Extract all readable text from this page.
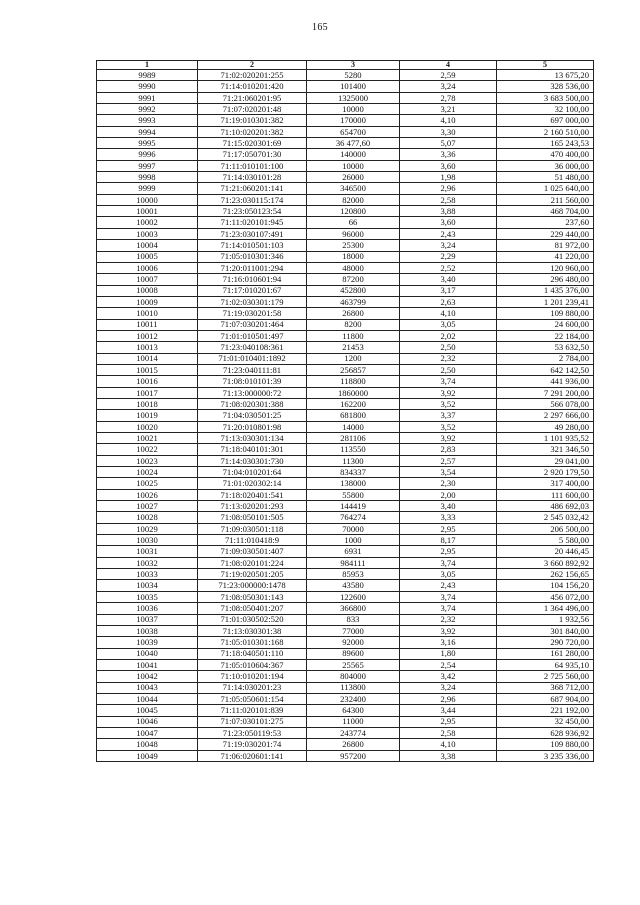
165
1	2	3	4	5
9989	71:02:020201:255	5280	2,59	13 675,20
9990	71:14:010201:420	101400	3,24	328 536,00
9991	71:21:060201:95	1325000	2,78	3 683 500,00
9992	71:07:020201:48	10000	3,21	32 100,00
9993	71:19:010301:382	170000	4,10	697 000,00
9994	71:10:020201:382	654700	3,30	2 160 510,00
9995	71:15:020301:69	36 477,60	5,07	165 243,53
9996	71:17:050701:30	140000	3,36	470 400,00
9997	71:11:010101:100	10000	3,60	36 000,00
9998	71:14:030101:28	26000	1,98	51 480,00
9999	71:21:060201:141	346500	2,96	1 025 640,00
10000	71:23:030115:174	82000	2,58	211 560,00
10001	71:23:050123:54	120800	3,88	468 704,00
10002	71:11:020101:945	66	3,60	237,60
10003	71:23:030107:491	96000	2,43	229 440,00
10004	71:14:010501:103	25300	3,24	81 972,00
10005	71:05:010301:346	18000	2,29	41 220,00
10006	71:20:011001:294	48000	2,52	120 960,00
10007	71:16:010601:94	87200	3,40	296 480,00
10008	71:17:010201:67	452800	3,17	1 435 376,00
10009	71:02:030301:179	463799	2,63	1 201 239,41
10010	71:19:030201:58	26800	4,10	109 880,00
10011	71:07:030201:464	8200	3,05	24 600,00
10012	71:01:010501:497	11800	2,02	22 184,00
10013	71:23:040108:361	21453	2,50	53 632,50
10014	71:01:010401:1892	1200	2,32	2 784,00
10015	71:23:040111:81	256857	2,50	642 142,50
10016	71:08:010101:39	118800	3,74	441 936,00
10017	71:13:000000:72	1860000	3,92	7 291 200,00
10018	71:08:020301:388	162200	3,52	566 078,00
10019	71:04:030501:25	681800	3,37	2 297 666,00
10020	71:20:010801:98	14000	3,52	49 280,00
10021	71:13:030301:134	281106	3,92	1 101 935,52
10022	71:18:040101:301	113550	2,83	321 346,50
10023	71:14:030301:730	11300	2,57	29 041,00
10024	71:04:010201:64	834337	3,54	2 920 179,50
10025	71:01:020302:14	138000	2,30	317 400,00
10026	71:18:020401:541	55800	2,00	111 600,00
10027	71:13:020201:293	144419	3,40	486 692,03
10028	71:08:050101:505	764274	3,33	2 545 032,42
10029	71:09:030501:118	70000	2,95	206 500,00
10030	71:11:010418:9	1000	8,17	5 580,00
10031	71:09:030501:407	6931	2,95	20 446,45
10032	71:08:020101:224	984111	3,74	3 660 892,92
10033	71:19:020501:205	85953	3,05	262 156,65
10034	71:23:000000:1478	43580	2,43	104 156,20
10035	71:08:050301:143	122600	3,74	456 072,00
10036	71:08:050401:207	366800	3,74	1 364 496,00
10037	71:01:030502:520	833	2,32	1 932,56
10038	71:13:030301:38	77000	3,92	301 840,00
10039	71:05:010301:168	92000	3,16	290 720,00
10040	71:18:040501:110	89600	1,80	161 280,00
10041	71:05:010604:367	25565	2,54	64 935,10
10042	71:10:010201:194	804000	3,42	2 725 560,00
10043	71:14:030201:23	113800	3,24	368 712,00
10044	71:05:050601:154	232400	2,96	687 904,00
10045	71:11:020101:839	64300	3,44	221 192,00
10046	71:07:030101:275	11000	2,95	32 450,00
10047	71:23:050119:53	243774	2,58	628 936,92
10048	71:19:030201:74	26800	4,10	109 880,00
10049	71:06:020601:141	957200	3,38	3 235 336,00
